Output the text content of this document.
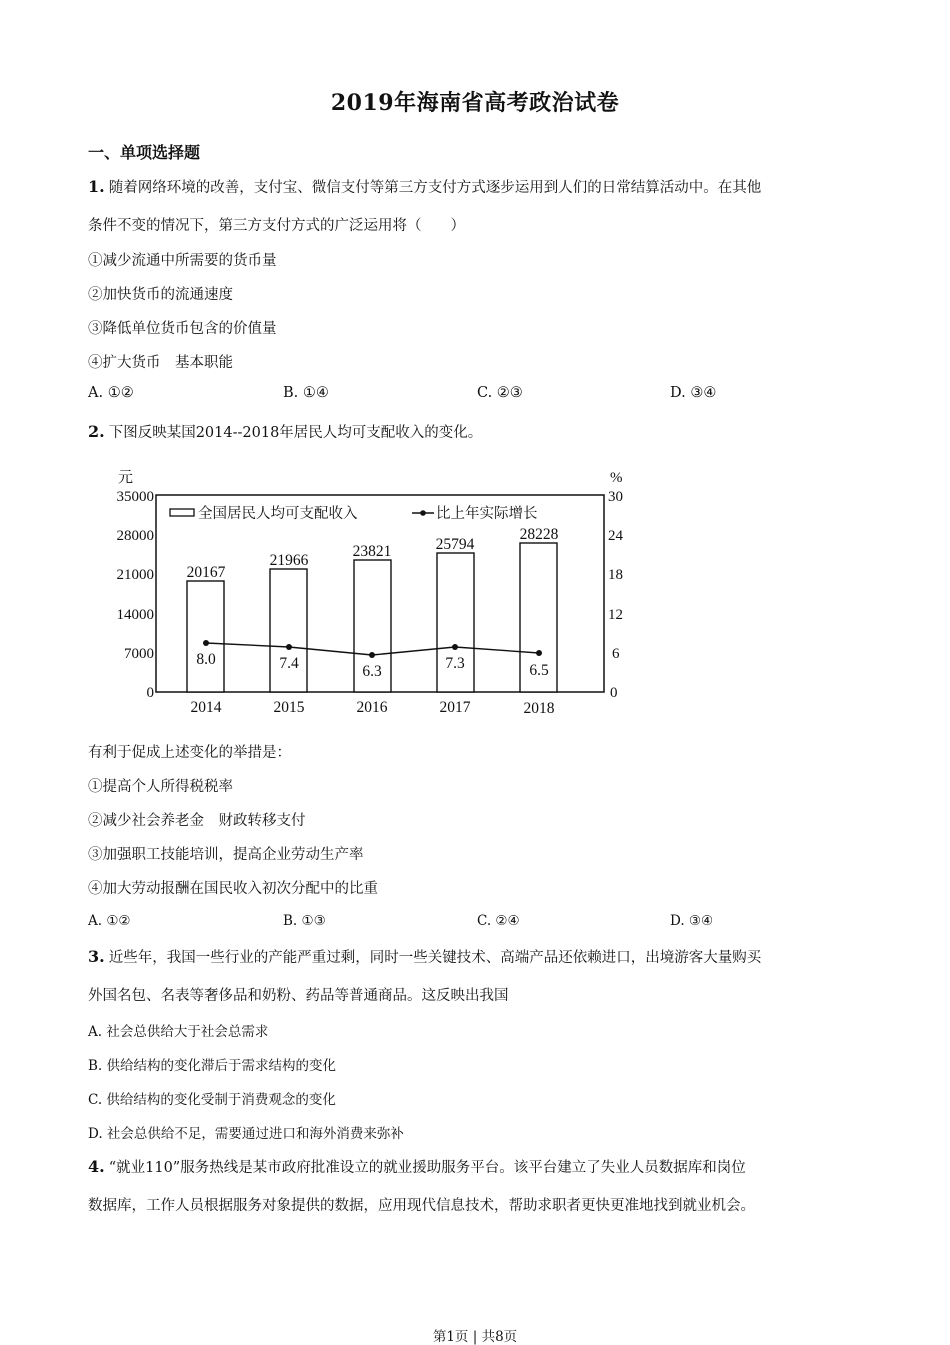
2019年海南省高考政治试卷
一、单项选择题
1. 随着网络环境的改善，支付宝、微信支付等第三方支付方式逐步运用到人们的日常结算活动中。在其他
条件不变的情况下，第三方支付方式的广泛运用将（　　）
①减少流通中所需要的货币量
②加快货币的流通速度
③降低单位货币包含的价值量
④扩大货币　基本职能
A. ①②	B. ①④	C. ②③	D. ③④
2. 下图反映某国2014--2018年居民人均可支配收入的变化。
元	%
0
7000
14000
21000
28000
35000
0
6
12
18
24
30
全国居民人均可支配收入	比上年实际增长
20167
21966
23821	25794
28228
8.0	7.4	6.3	7.3	6.5
2014	2015	2016	2017	2018
有利于促成上述变化的举措是：
①提高个人所得税税率
②减少社会养老金　财政转移支付
③加强职工技能培训，提高企业劳动生产率
④加大劳动报酬在国民收入初次分配中的比重
A. ①②	B. ①③	C. ②④	D. ③④
3. 近些年，我国一些行业的产能严重过剩，同时一些关键技术、高端产品还依赖进口，出境游客大量购买
外国名包、名表等奢侈品和奶粉、药品等普通商品。这反映出我国
A. 社会总供给大于社会总需求
B. 供给结构的变化滞后于需求结构的变化
C. 供给结构的变化受制于消费观念的变化
D. 社会总供给不足，需要通过进口和海外消费来弥补
4. “就业110”服务热线是某市政府批准设立的就业援助服务平台。该平台建立了失业人员数据库和岗位
数据库，工作人员根据服务对象提供的数据，应用现代信息技术，帮助求职者更快更准地找到就业机会。
第1页 | 共8页
